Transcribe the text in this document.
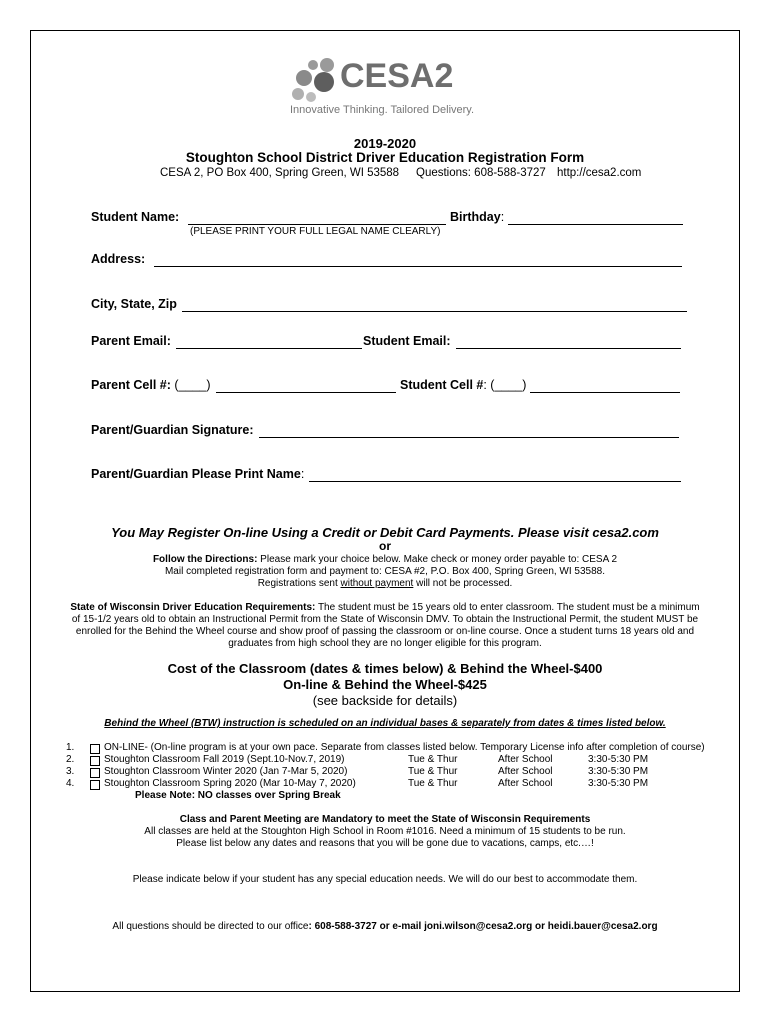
CESA2
Innovative Thinking. Tailored Delivery.
2019-2020
Stoughton School District Driver Education Registration Form
CESA 2, PO Box 400, Spring Green, WI 53588 Questions: 608-588-3727 http://cesa2.com
Student Name:	Birthday:
(PLEASE PRINT YOUR FULL LEGAL NAME CLEARLY)
Address:
City, State, Zip
Parent Email:	Student Email:
Parent Cell #: (____)	Student Cell #: (____)
Parent/Guardian Signature:
Parent/Guardian Please Print Name:
You May Register On-line Using a Credit or Debit Card Payments. Please visit cesa2.com
or
Follow the Directions: Please mark your choice below. Make check or money order payable to: CESA 2
Mail completed registration form and payment to: CESA #2, P.O. Box 400, Spring Green, WI 53588.
Registrations sent without payment will not be processed.
State of Wisconsin Driver Education Requirements: The student must be 15 years old to enter classroom. The student must be a minimum
of 15-1/2 years old to obtain an Instructional Permit from the State of Wisconsin DMV. To obtain the Instructional Permit, the student MUST be
enrolled for the Behind the Wheel course and show proof of passing the classroom or on-line course. Once a student turns 18 years old and
graduates from high school they are no longer eligible for this program.
Cost of the Classroom (dates & times below) & Behind the Wheel-$400
On-line & Behind the Wheel-$425
(see backside for details)
Behind the Wheel (BTW) instruction is scheduled on an individual bases & separately from dates & times listed below.
1.	ON-LINE- (On-line program is at your own pace. Separate from classes listed below. Temporary License info after completion of course)
2.	Stoughton Classroom Fall 2019 (Sept.10-Nov.7, 2019)	Tue & Thur	After School	3:30-5:30 PM
3.	Stoughton Classroom Winter 2020 (Jan 7-Mar 5, 2020)	Tue & Thur	After School	3:30-5:30 PM
4.	Stoughton Classroom Spring 2020 (Mar 10-May 7, 2020)	Tue & Thur	After School	3:30-5:30 PM
Please Note: NO classes over Spring Break
Class and Parent Meeting are Mandatory to meet the State of Wisconsin Requirements
All classes are held at the Stoughton High School in Room #1016. Need a minimum of 15 students to be run.
Please list below any dates and reasons that you will be gone due to vacations, camps, etc.…!
Please indicate below if your student has any special education needs. We will do our best to accommodate them.
All questions should be directed to our office: 608-588-3727 or e-mail joni.wilson@cesa2.org or heidi.bauer@cesa2.org
